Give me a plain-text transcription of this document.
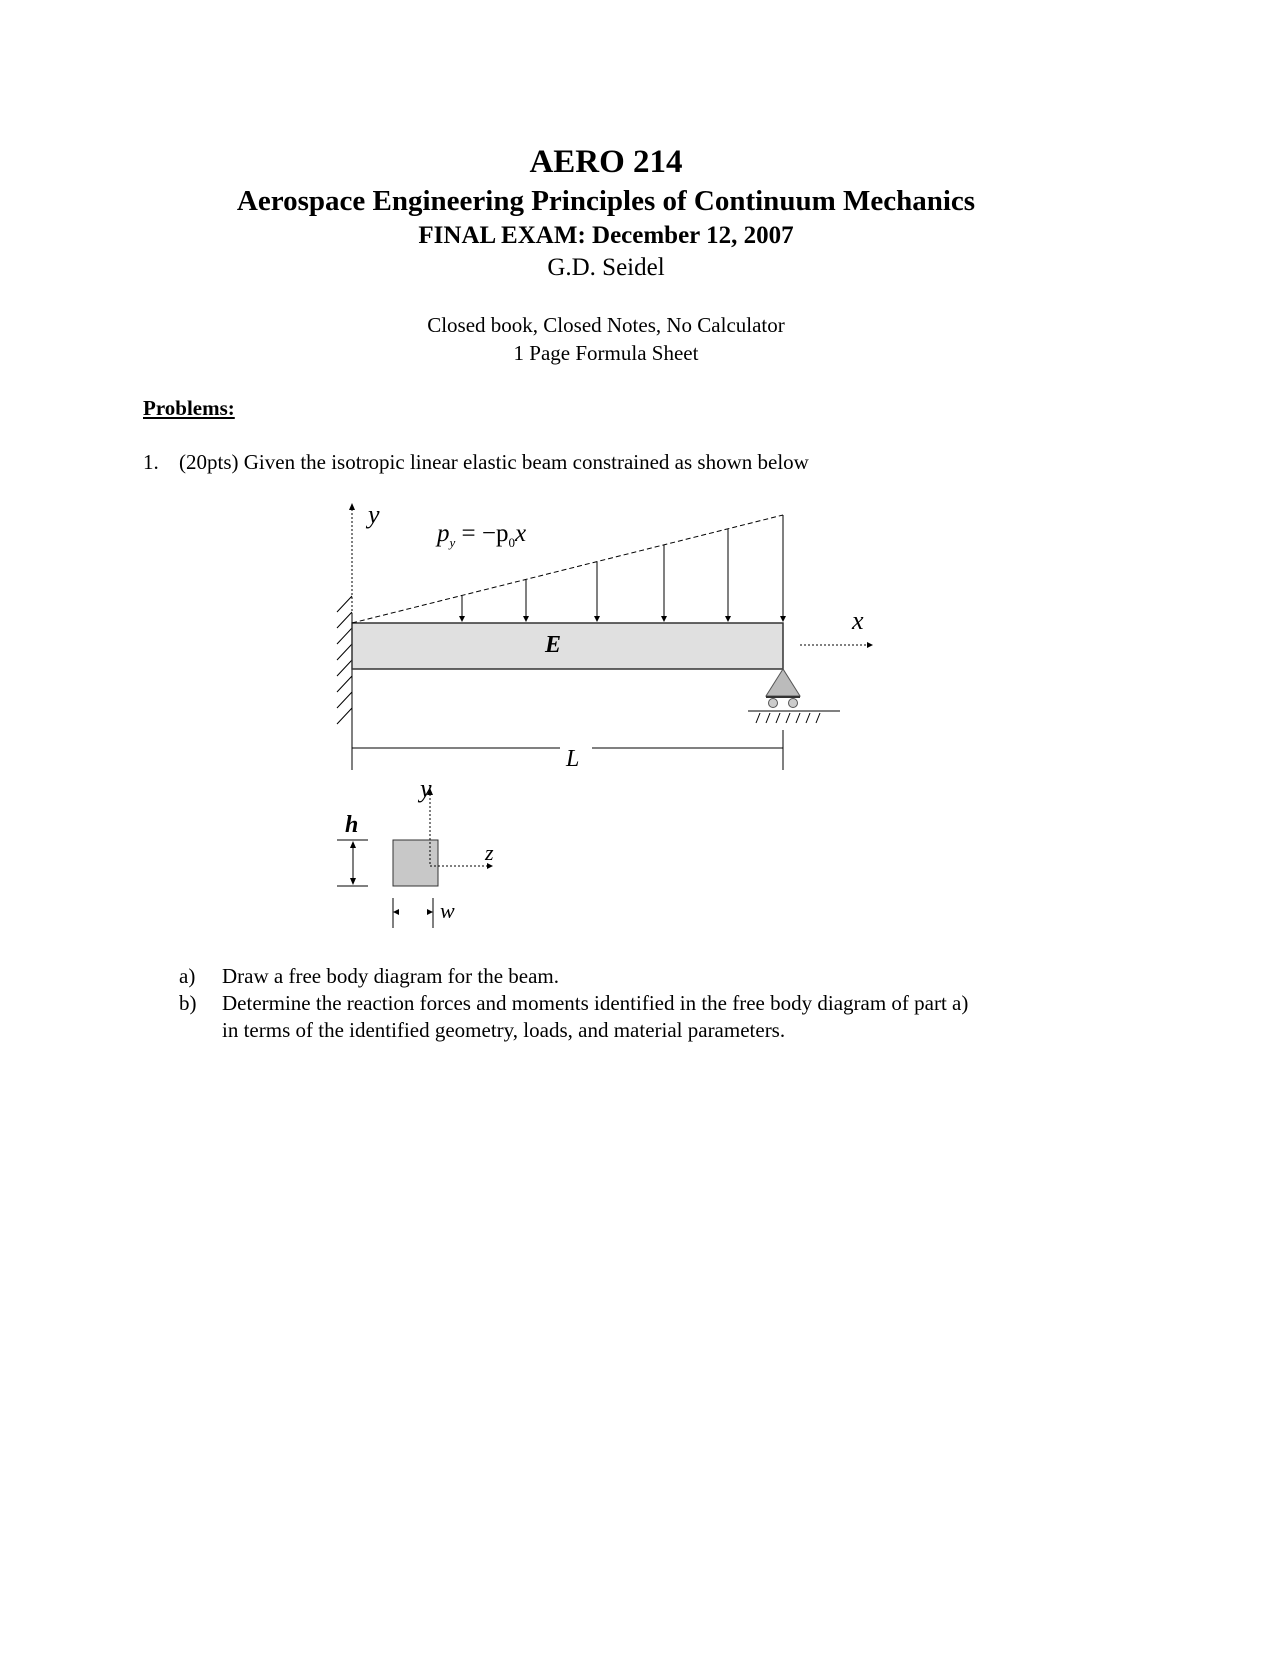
AERO 214
Aerospace Engineering Principles of Continuum Mechanics
FINAL EXAM: December 12, 2007
G.D. Seidel
Closed book, Closed Notes, No Calculator
1 Page Formula Sheet
Problems:
1. (20pts) Given the isotropic linear elastic beam constrained as shown below
y
$p_y = -p_0x$
E
x
L
y
z
h
w
a) Draw a free body diagram for the beam.
b) Determine the reaction forces and moments identified in the free body diagram of part a)
in terms of the identified geometry, loads, and material parameters.
